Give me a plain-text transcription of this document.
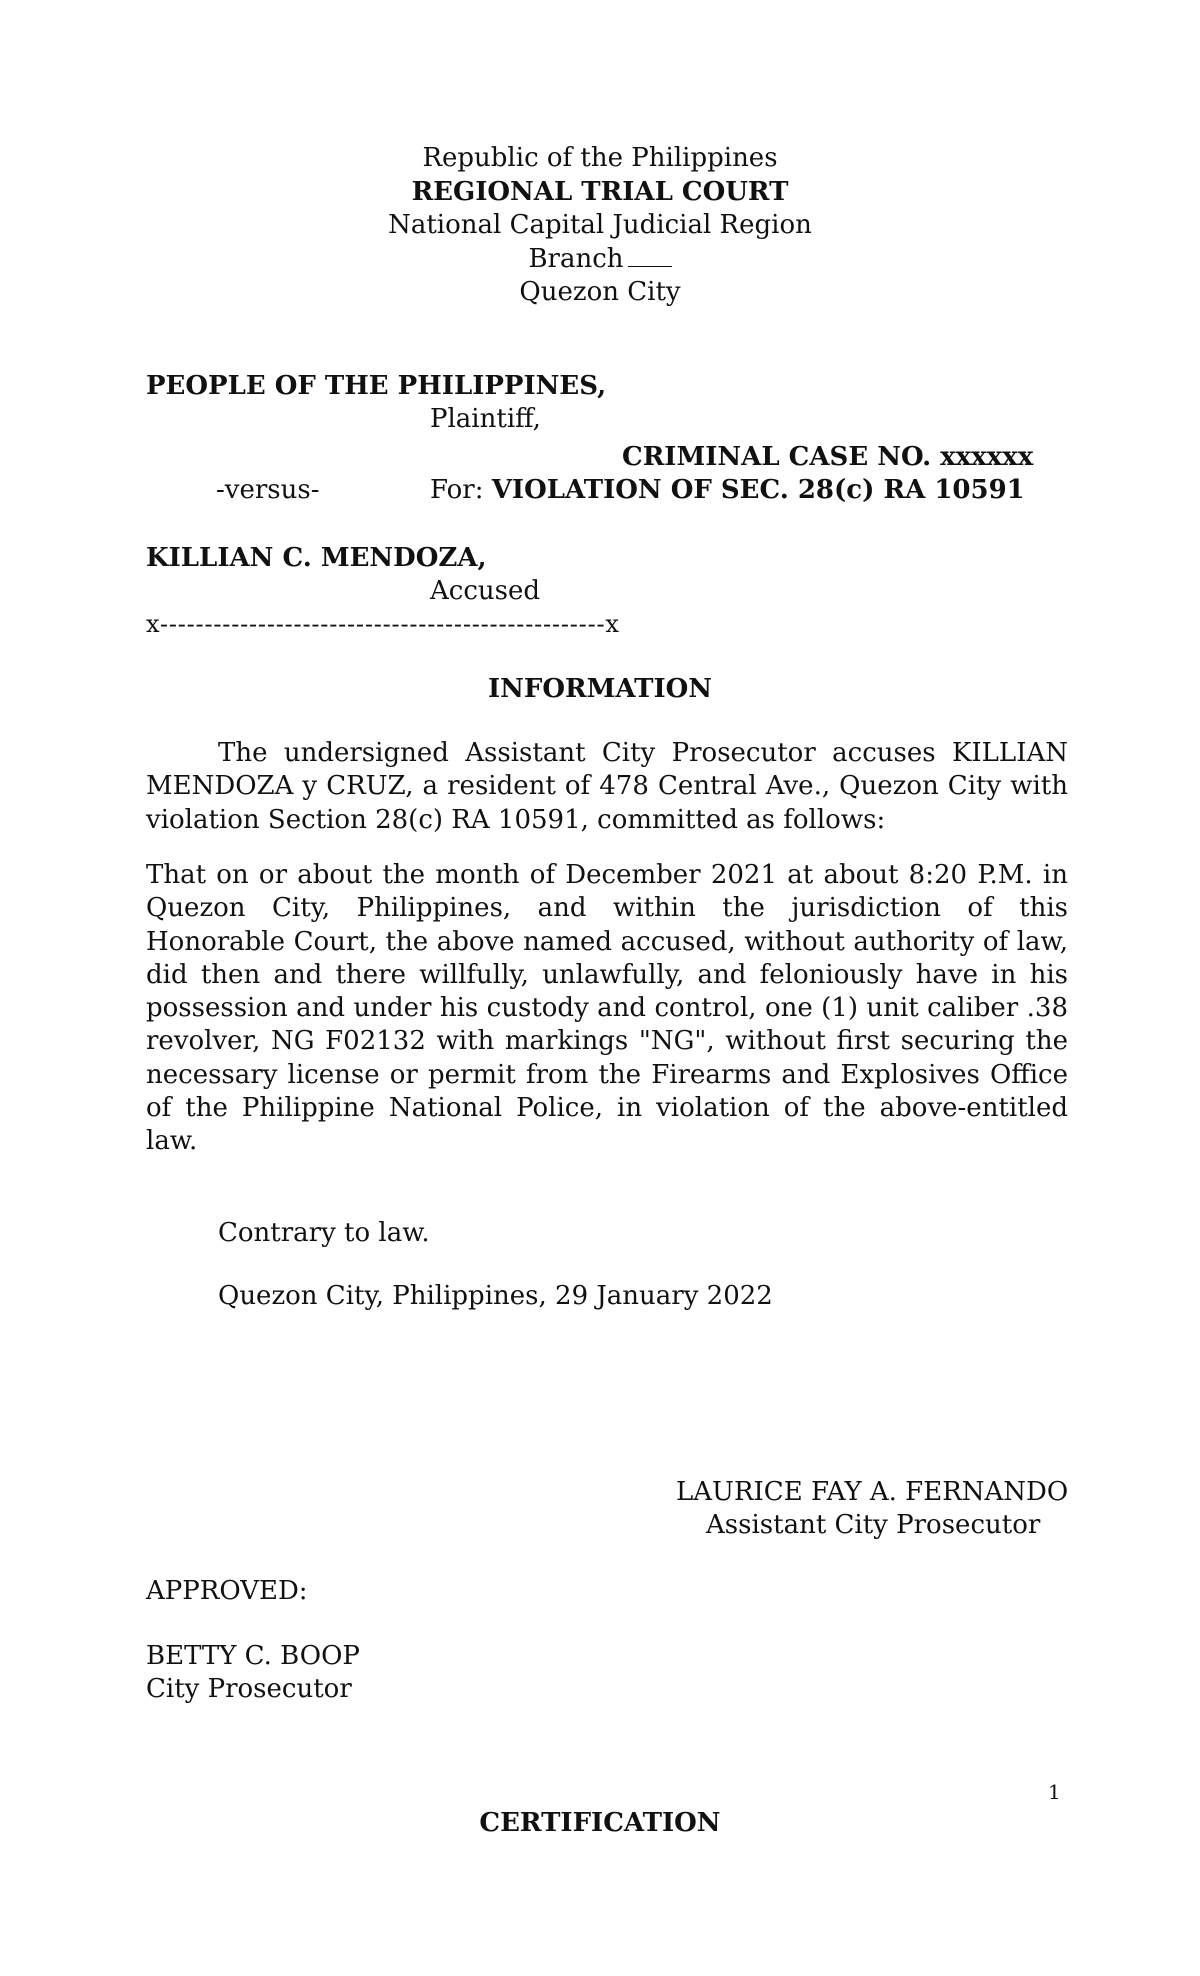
Republic of the Philippines
REGIONAL TRIAL COURT
National Capital Judicial Region
Branch
Quezon City
PEOPLE OF THE PHILIPPINES,
Plaintiff,
CRIMINAL CASE NO. xxxxxx
-versus-	For: VIOLATION OF SEC. 28(c) RA 10591
KILLIAN C. MENDOZA,
Accused
x--------------------------------------------------x
INFORMATION
The undersigned Assistant City Prosecutor accuses KILLIAN MENDOZA y CRUZ, a resident of 478 Central Ave., Quezon City with violation Section 28(c) RA 10591, committed as follows:
That on or about the month of December 2021 at about 8:20 P.M. in Quezon City, Philippines, and within the jurisdiction of this Honorable Court, the above named accused, without authority of law, did then and there willfully, unlawfully, and feloniously have in his possession and under his custody and control, one (1) unit caliber .38 revolver, NG F02132 with markings "NG", without first securing the necessary license or permit from the Firearms and Explosives Office of the Philippine National Police, in violation of the above-entitled law.
Contrary to law.
Quezon City, Philippines, 29 January 2022
LAURICE FAY A. FERNANDO
Assistant City Prosecutor
APPROVED:
BETTY C. BOOP
City Prosecutor
1
CERTIFICATION
